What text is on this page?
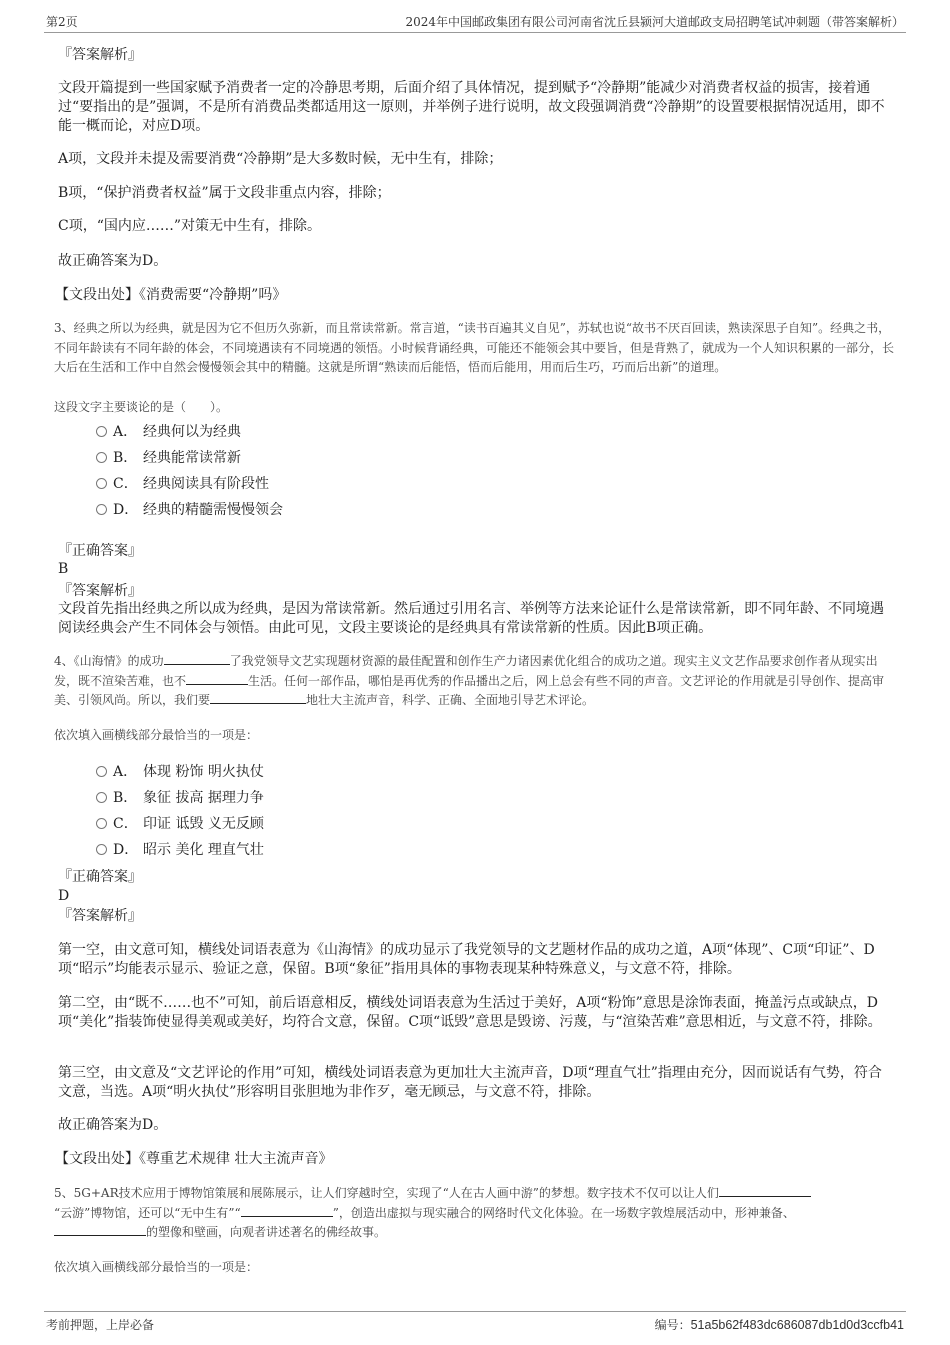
第2页	2024年中国邮政集团有限公司河南省沈丘县颍河大道邮政支局招聘笔试冲刺题（带答案解析）

『答案解析』

文段开篇提到一些国家赋予消费者一定的冷静思考期，后面介绍了具体情况，提到赋予“冷静期”能减少对消费者权益的损害，接着通过“要指出的是”强调，不是所有消费品类都适用这一原则，并举例子进行说明，故文段强调消费“冷静期”的设置要根据情况适用，即不能一概而论，对应D项。

A项，文段并未提及需要消费“冷静期”是大多数时候，无中生有，排除；

B项，“保护消费者权益”属于文段非重点内容，排除；

C项，“国内应……”对策无中生有，排除。

故正确答案为D。

【文段出处】《消费需要“冷静期”吗》

3、经典之所以为经典，就是因为它不但历久弥新，而且常读常新。常言道，“读书百遍其义自见”，苏轼也说“故书不厌百回读，熟读深思子自知”。经典之书，不同年龄读有不同年龄的体会，不同境遇读有不同境遇的领悟。小时候背诵经典，可能还不能领会其中要旨，但是背熟了，就成为一个人知识积累的一部分，长大后在生活和工作中自然会慢慢领会其中的精髓。这就是所谓“熟读而后能悟，悟而后能用，用而后生巧，巧而后出新”的道理。

这段文字主要谈论的是（　　）。

A． 经典何以为经典
B． 经典能常读常新
C． 经典阅读具有阶段性
D． 经典的精髓需慢慢领会

『正确答案』

B

『答案解析』

文段首先指出经典之所以成为经典，是因为常读常新。然后通过引用名言、举例等方法来论证什么是常读常新，即不同年龄、不同境遇阅读经典会产生不同体会与领悟。由此可见，文段主要谈论的是经典具有常读常新的性质。因此B项正确。

4、《山海情》的成功	了我党领导文艺实现题材资源的最佳配置和创作生产力诸因素优化组合的成功之道。现实主义文艺作品要求创作者从现实出发，既不渲染苦难，也不	生活。任何一部作品，哪怕是再优秀的作品播出之后，网上总会有些不同的声音。文艺评论的作用就是引导创作、提高审美、引领风尚。所以，我们要	地壮大主流声音，科学、正确、全面地引导艺术评论。

依次填入画横线部分最恰当的一项是：

A． 体现 粉饰 明火执仗
B． 象征 拔高 据理力争
C． 印证 诋毁 义无反顾
D． 昭示 美化 理直气壮

『正确答案』

D

『答案解析』

第一空，由文意可知，横线处词语表意为《山海情》的成功显示了我党领导的文艺题材作品的成功之道，A项“体现”、C项“印证”、D项“昭示”均能表示显示、验证之意，保留。B项“象征”指用具体的事物表现某种特殊意义，与文意不符，排除。

第二空，由“既不……也不”可知，前后语意相反，横线处词语表意为生活过于美好，A项“粉饰”意思是涂饰表面，掩盖污点或缺点，D项“美化”指装饰使显得美观或美好，均符合文意，保留。C项“诋毁”意思是毁谤、污蔑，与“渲染苦难”意思相近，与文意不符，排除。

第三空，由文意及“文艺评论的作用”可知，横线处词语表意为更加壮大主流声音，D项“理直气壮”指理由充分，因而说话有气势，符合文意，当选。A项“明火执仗”形容明目张胆地为非作歹，毫无顾忌，与文意不符，排除。

故正确答案为D。

【文段出处】《尊重艺术规律 壮大主流声音》

5、5G+AR技术应用于博物馆策展和展陈展示，让人们穿越时空，实现了“人在古人画中游”的梦想。数字技术不仅可以让人们
“云游”博物馆，还可以“无中生有”“	”，创造出虚拟与现实融合的网络时代文化体验。在一场数字敦煌展活动中，形神兼备、
的塑像和壁画，向观者讲述著名的佛经故事。

依次填入画横线部分最恰当的一项是：

考前押题，上岸必备	编号：51a5b62f483dc686087db1d0d3ccfb41
